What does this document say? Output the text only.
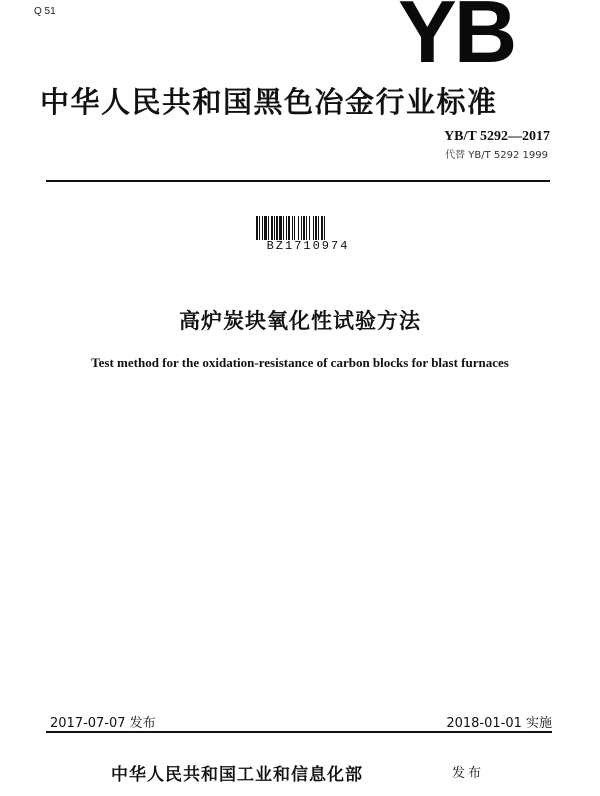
Q 51	YB
中华人民共和国黑色冶金行业标准
YB/T 5292—2017
代替 YB/T 5292 1999
BZ1710974
高炉炭块氧化性试验方法
Test method for the oxidation-resistance of carbon blocks for blast furnaces
2017-07-07 发布	2018-01-01 实施
中华人民共和国工业和信息化部	发布
